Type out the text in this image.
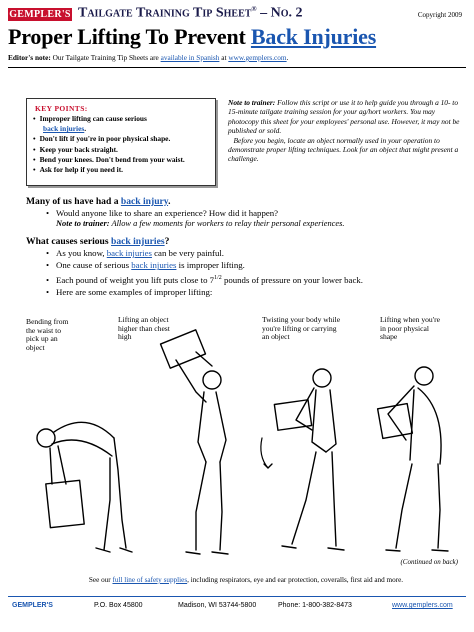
GEMPLER'S Tailgate Training Tip Sheet® – No. 2	Copyright 2009
Proper Lifting To Prevent Back Injuries
Editor's note: Our Tailgate Training Tip Sheets are available in Spanish at www.gemplers.com.
KEY POINTS:
• Improper lifting can cause serious
back injuries.
• Don't lift if you're in poor physical shape.
• Keep your back straight.
• Bend your knees. Don't bend from your waist.
• Ask for help if you need it.
Note to trainer: Follow this script or use it to help guide you through a 10- to 15-minute tailgate training session for your ag/hort workers. You may photocopy this sheet for your employees' personal use. However, it may not be published or sold.
Before you begin, locate an object normally used in your operation to demonstrate proper lifting techniques. Look for an object that might present a challenge.
Many of us have had a back injury.
• Would anyone like to share an experience? How did it happen?
Note to trainer: Allow a few moments for workers to relay their personal experiences.
What causes serious back injuries?
• As you know, back injuries can be very painful.
• One cause of serious back injuries is improper lifting.
• Each pound of weight you lift puts close to $7^{1/2}$ pounds of pressure on your lower back.
• Here are some examples of improper lifting:
Bending from the waist to pick up an object
Lifting an object higher than chest high
Twisting your body while you're lifting or carrying an object
Lifting when you're in poor physical shape
(Continued on back)
See our full line of safety supplies, including respirators, eye and ear protection, coveralls, first aid and more.
GEMPLER'S	P.O. Box 45800	Madison, WI 53744-5800	Phone: 1-800-382-8473	www.gemplers.com
